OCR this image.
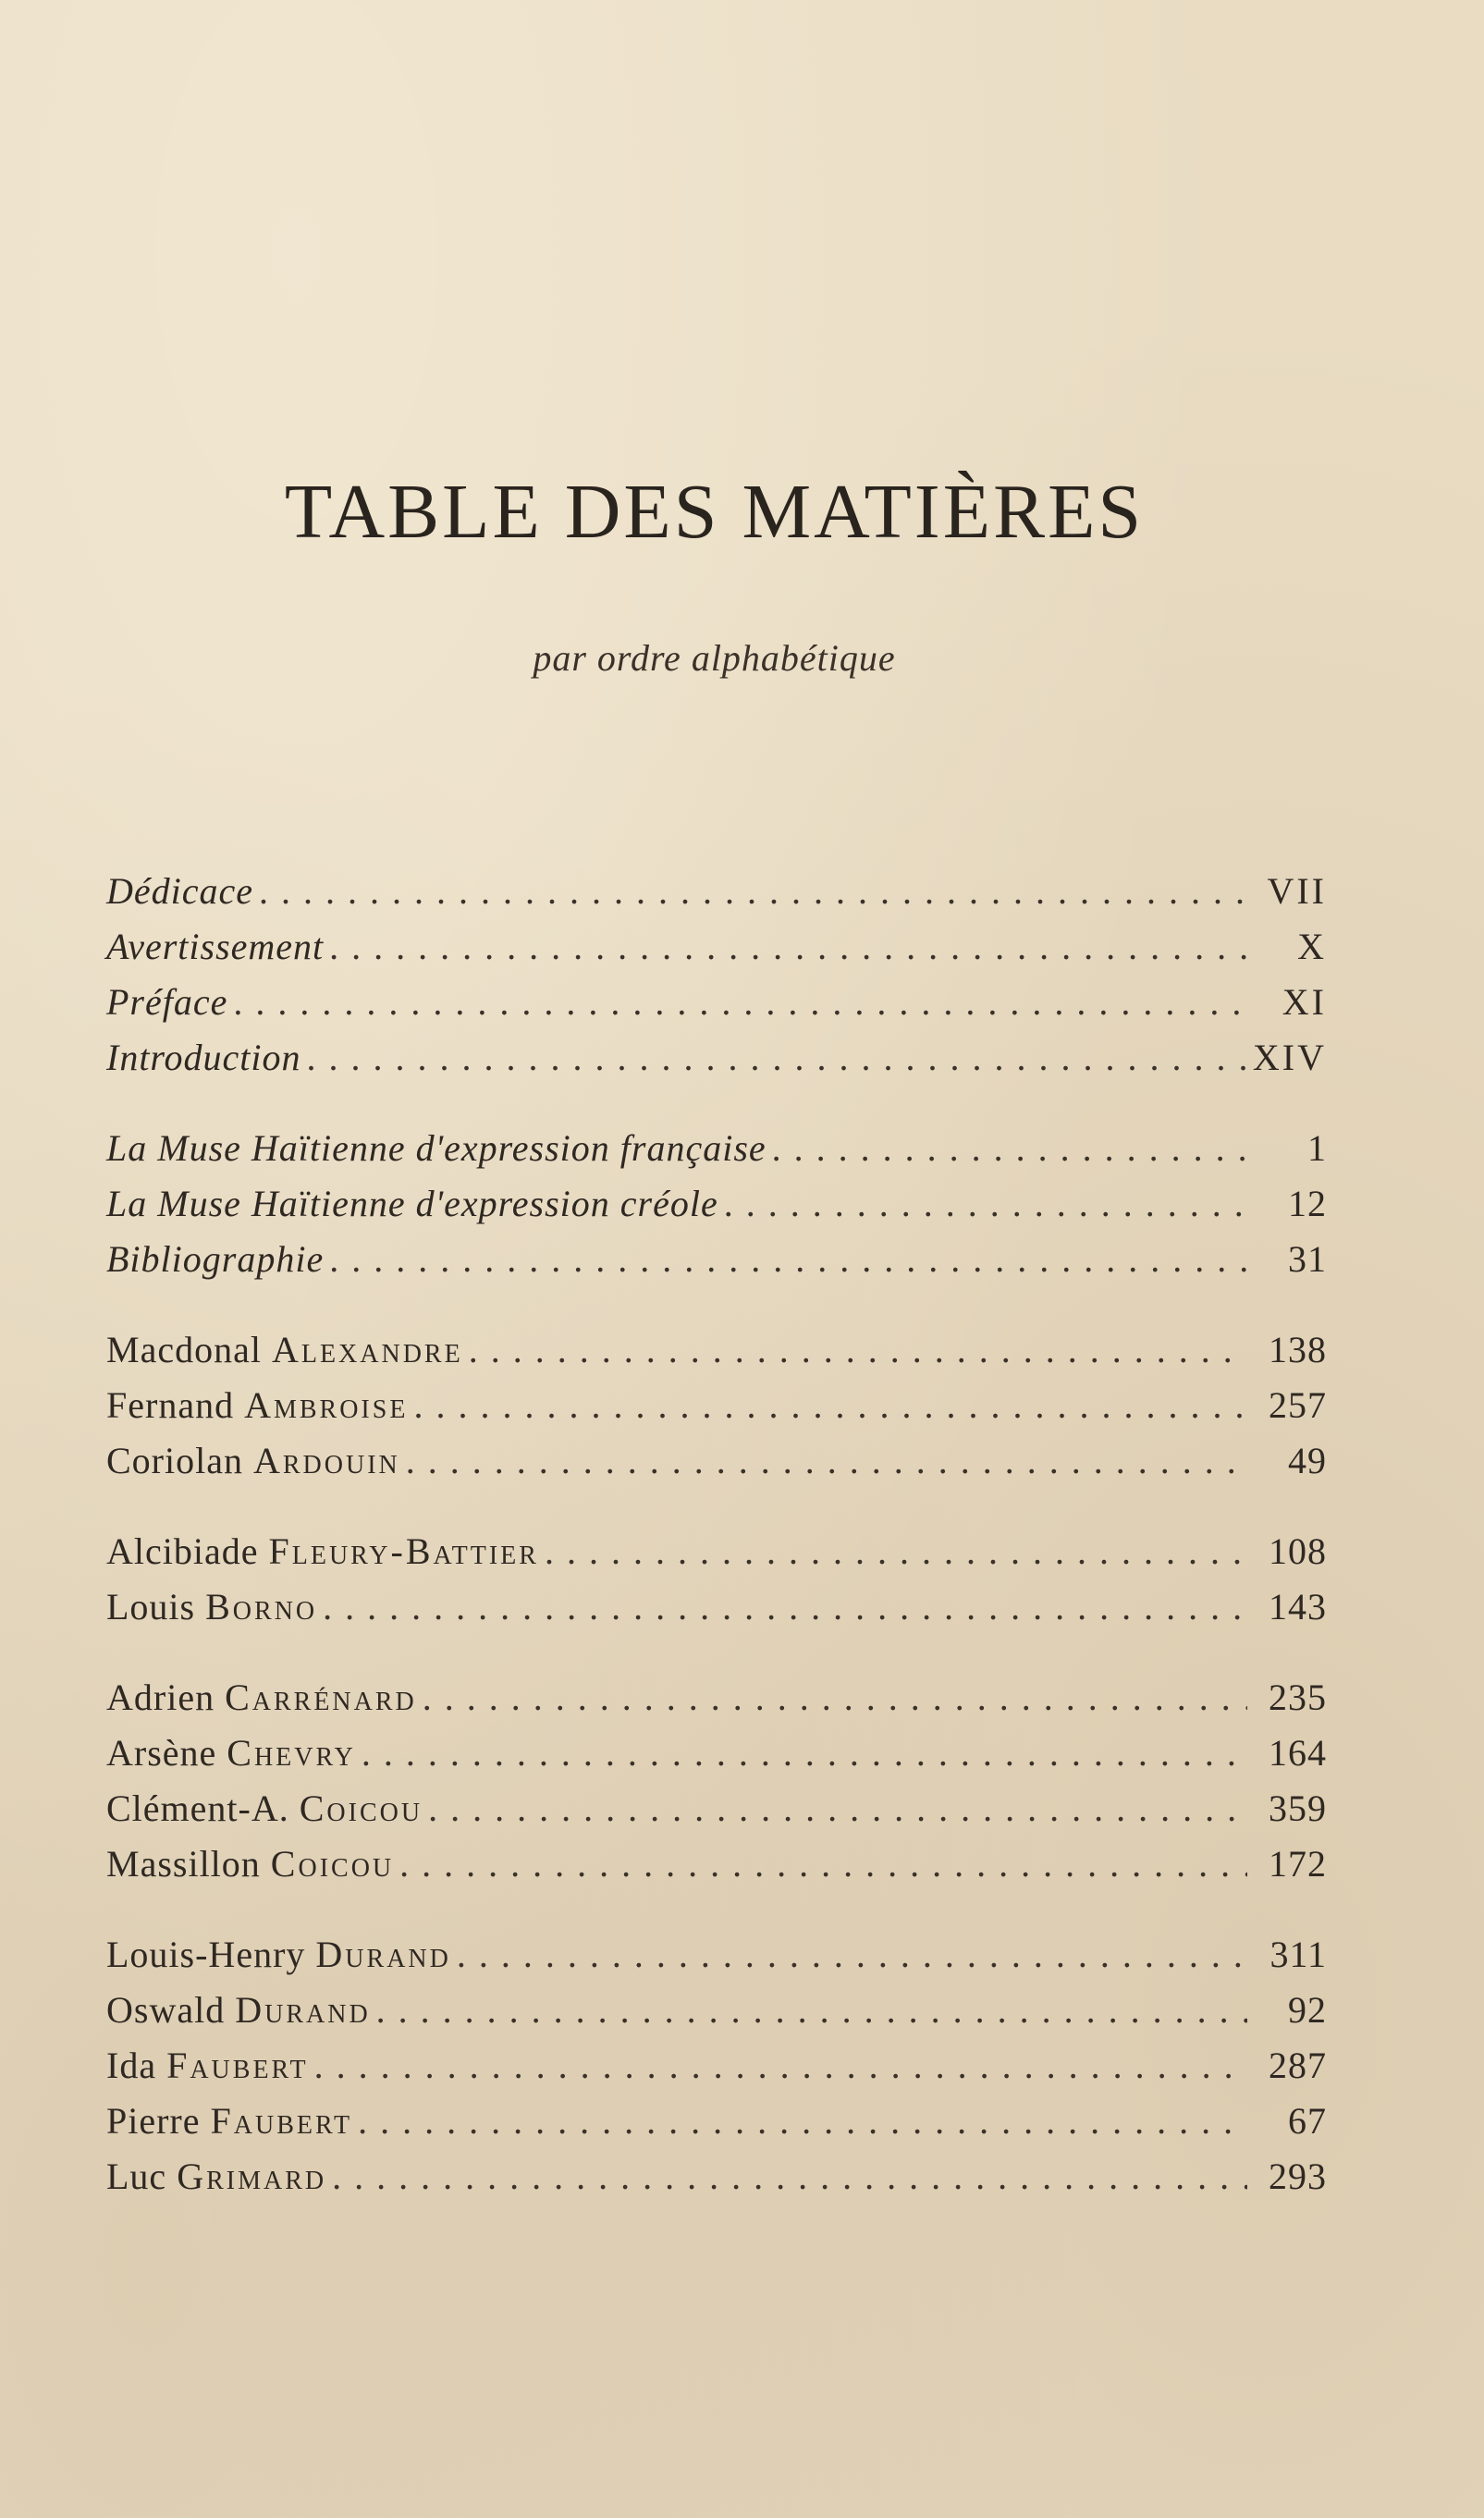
TABLE DES MATIÈRES
par ordre alphabétique
Dédicace . . .	VII
Avertissement . . .	X
Préface . . .	XI
Introduction . . .	XIV
La Muse Haïtienne d'expression française . . .	1
La Muse Haïtienne d'expression créole . . .	12
Bibliographie . . .	31
Macdonal Alexandre . . .	138
Fernand Ambroise . . .	257
Coriolan Ardouin . . .	49
Alcibiade Fleury-Battier . . .	108
Louis Borno . . .	143
Adrien Carrénard . . .	235
Arsène Chevry . . .	164
Clément-A. Coicou . . .	359
Massillon Coicou . . .	172
Louis-Henry Durand . . .	311
Oswald Durand . . .	92
Ida Faubert . . .	287
Pierre Faubert . . .	67
Luc Grimard . . .	293
